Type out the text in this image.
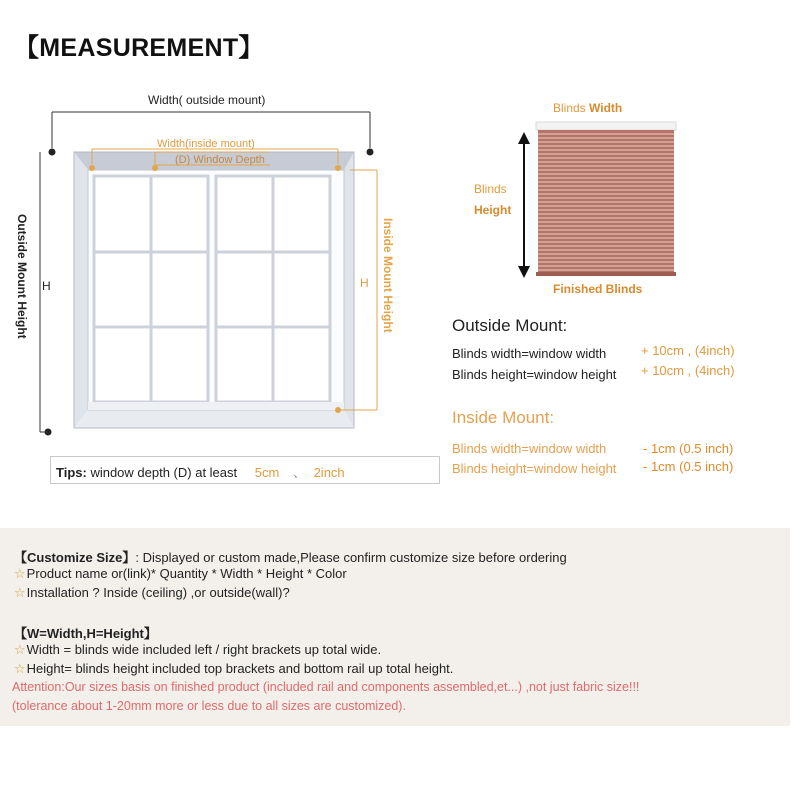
【MEASUREMENT】
Width( outside mount)
Width(inside mount)
(D) Window Depth
Outside Mount Height	Inside Mount Height
H	H
Tips: window depth (D) at least 5cm 、 2inch
Blinds Width
Blinds
Height
Finished Blinds
Outside Mount:
Blinds width=window width	+ 10cm , (4inch)
Blinds height=window height + 10cm , (4inch)
Inside Mount:
Blinds width=window width	- 1cm (0.5 inch)
Blinds height=window height - 1cm (0.5 inch)
【Customize Size】: Displayed or custom made,Please confirm customize size before ordering
☆Product name or(link)* Quantity * Width * Height * Color
☆Installation ? Inside (ceiling) ,or outside(wall)?
【W=Width,H=Height】
☆Width = blinds wide included left / right brackets up total wide.
☆Height= blinds height included top brackets and bottom rail up total height.
Attention:Our sizes basis on finished product (included rail and components assembled,et...) ,not just fabric size!!!
(tolerance about 1-20mm more or less due to all sizes are customized).
